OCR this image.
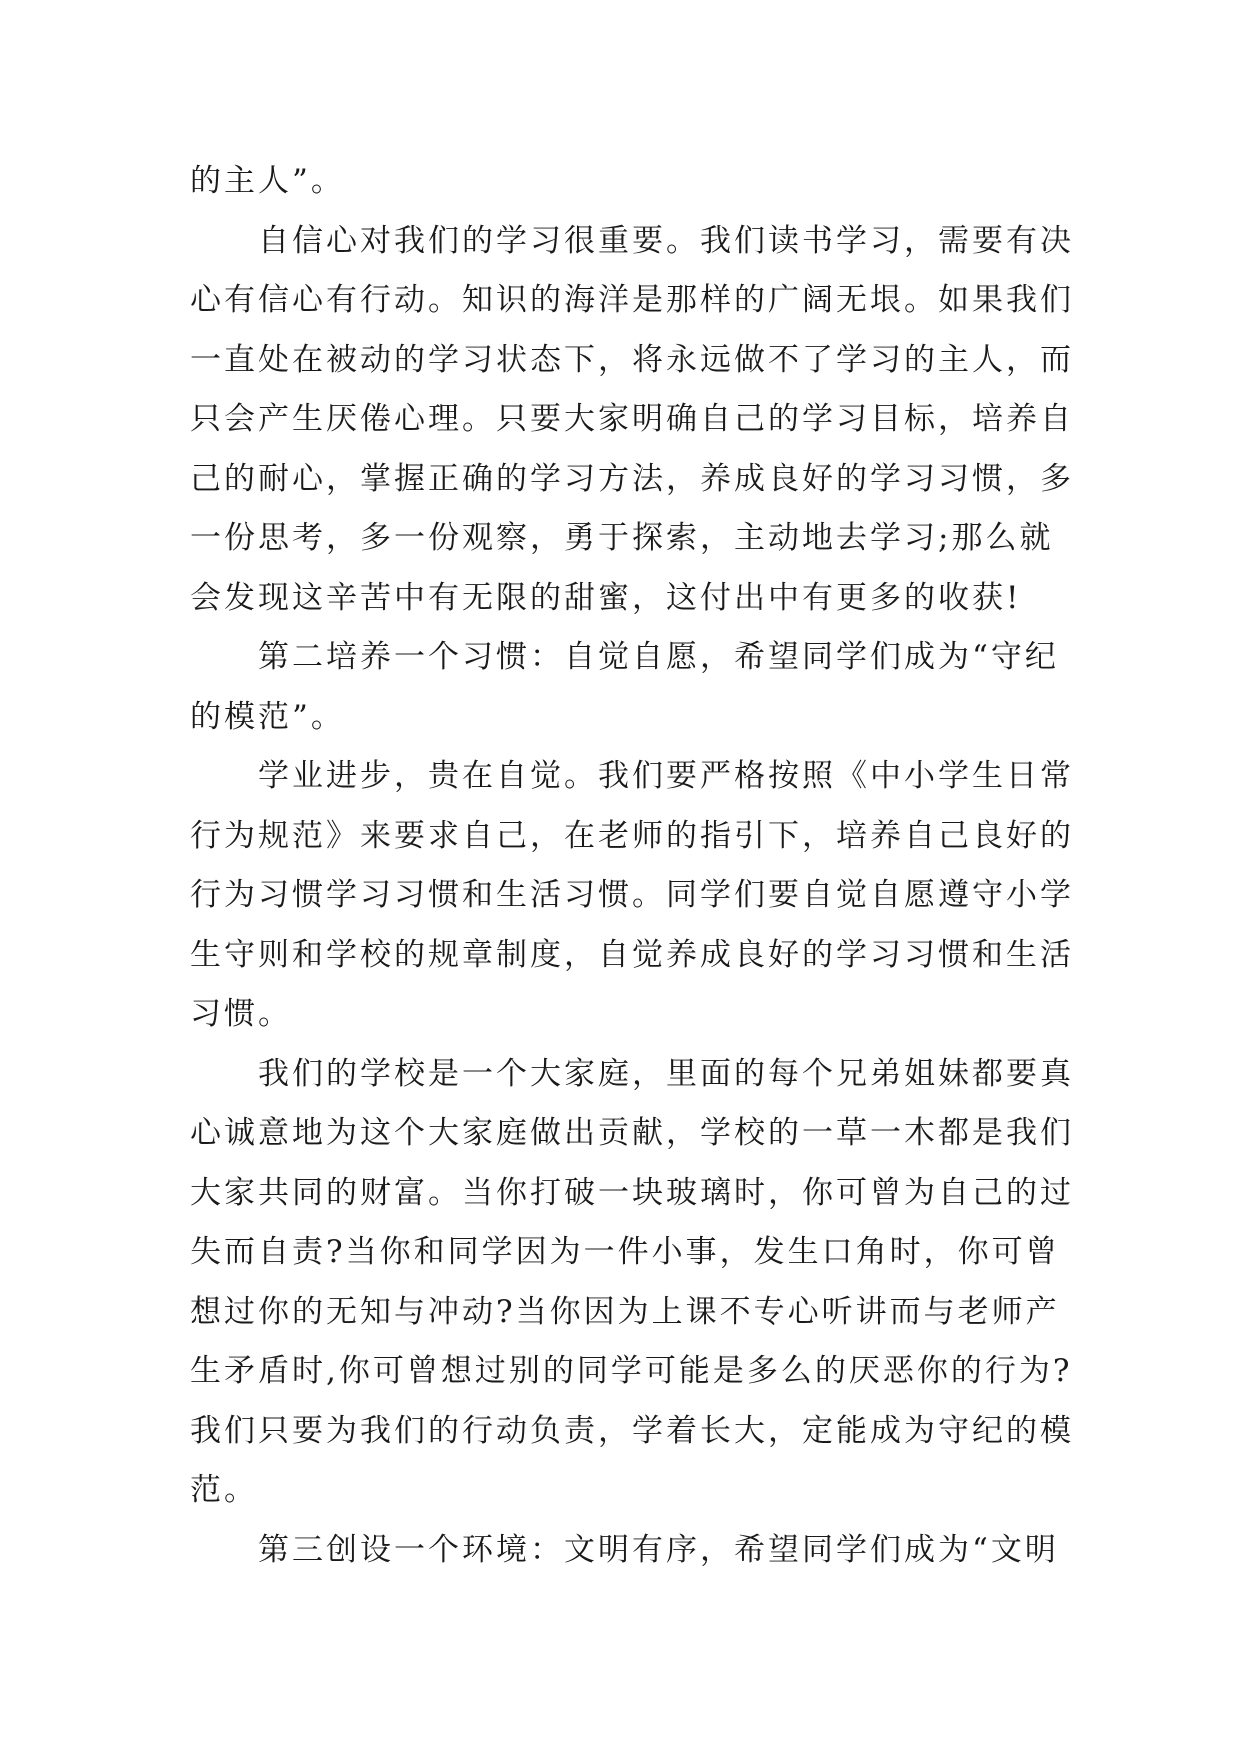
的主人”。
自信心对我们的学习很重要。我们读书学习，需要有决
心有信心有行动。知识的海洋是那样的广阔无垠。如果我们
一直处在被动的学习状态下，将永远做不了学习的主人，而
只会产生厌倦心理。只要大家明确自己的学习目标，培养自
己的耐心，掌握正确的学习方法，养成良好的学习习惯，多
一份思考，多一份观察，勇于探索，主动地去学习;那么就
会发现这辛苦中有无限的甜蜜，这付出中有更多的收获!
第二培养一个习惯：自觉自愿，希望同学们成为“守纪
的模范”。
学业进步，贵在自觉。我们要严格按照《中小学生日常
行为规范》来要求自己，在老师的指引下，培养自己良好的
行为习惯学习习惯和生活习惯。同学们要自觉自愿遵守小学
生守则和学校的规章制度，自觉养成良好的学习习惯和生活
习惯。
我们的学校是一个大家庭，里面的每个兄弟姐妹都要真
心诚意地为这个大家庭做出贡献，学校的一草一木都是我们
大家共同的财富。当你打破一块玻璃时，你可曾为自己的过
失而自责?当你和同学因为一件小事，发生口角时，你可曾
想过你的无知与冲动?当你因为上课不专心听讲而与老师产
生矛盾时,你可曾想过别的同学可能是多么的厌恶你的行为?
我们只要为我们的行动负责，学着长大，定能成为守纪的模
范。
第三创设一个环境：文明有序，希望同学们成为“文明
